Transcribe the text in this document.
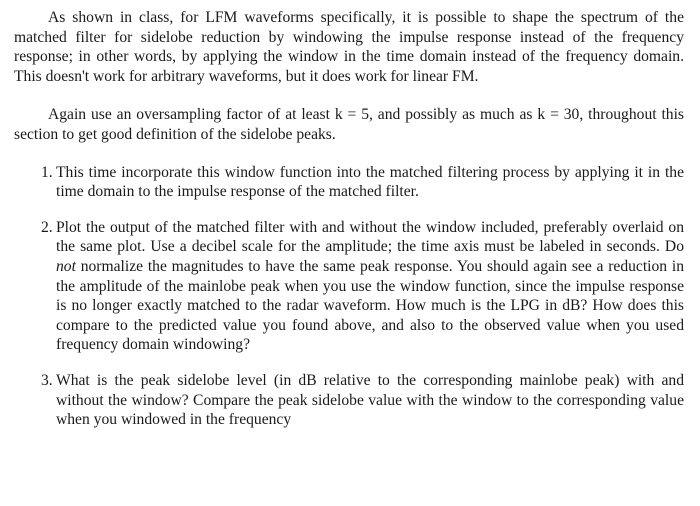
As shown in class, for LFM waveforms specifically, it is possible to shape the spectrum of the matched filter for sidelobe reduction by windowing the impulse response instead of the frequency response; in other words, by applying the window in the time domain instead of the frequency domain. This doesn't work for arbitrary waveforms, but it does work for linear FM.

Again use an oversampling factor of at least k = 5, and possibly as much as k = 30, throughout this section to get good definition of the sidelobe peaks.

1. This time incorporate this window function into the matched filtering process by applying it in the time domain to the impulse response of the matched filter.
2. Plot the output of the matched filter with and without the window included, preferably overlaid on the same plot. Use a decibel scale for the amplitude; the time axis must be labeled in seconds. Do not normalize the magnitudes to have the same peak response. You should again see a reduction in the amplitude of the mainlobe peak when you use the window function, since the impulse response is no longer exactly matched to the radar waveform. How much is the LPG in dB? How does this compare to the predicted value you found above, and also to the observed value when you used frequency domain windowing?
3. What is the peak sidelobe level (in dB relative to the corresponding mainlobe peak) with and without the window? Compare the peak sidelobe value with the window to the corresponding value when you windowed in the frequency
